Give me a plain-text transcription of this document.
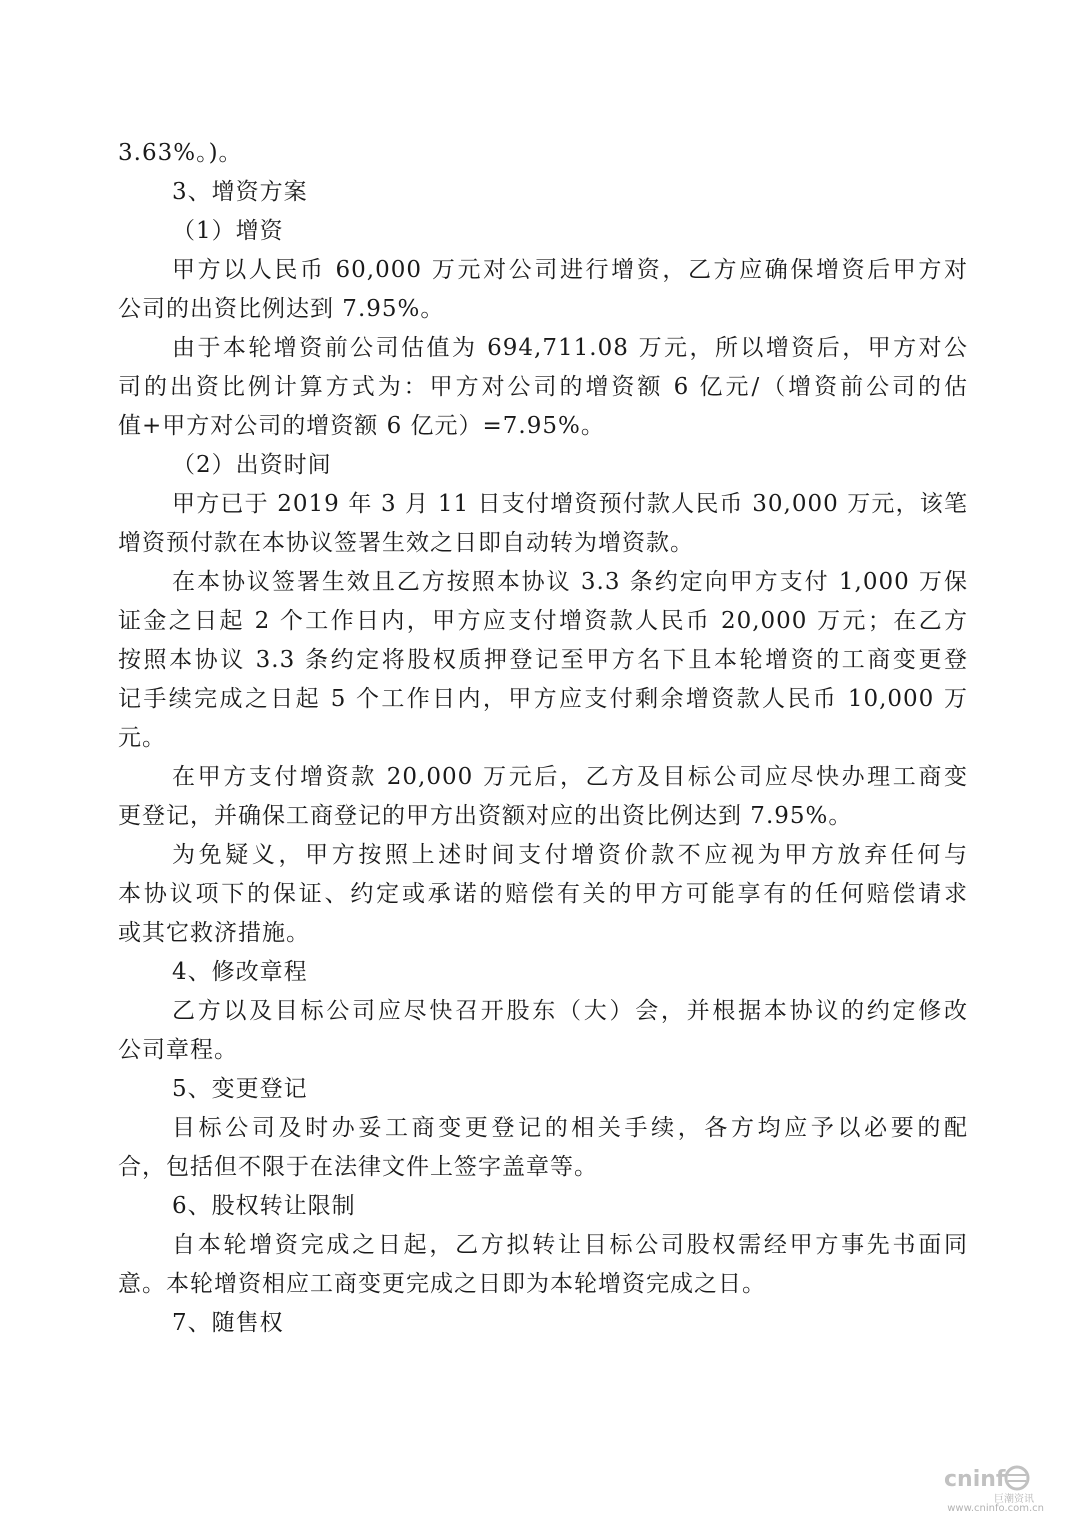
3.63%。)。
3、增资方案
（1）增资
甲方以人民币 60,000 万元对公司进行增资，乙方应确保增资后甲方对
公司的出资比例达到 7.95%。
由于本轮增资前公司估值为 694,711.08 万元，所以增资后，甲方对公
司的出资比例计算方式为：甲方对公司的增资额 6 亿元/（增资前公司的估
值+甲方对公司的增资额 6 亿元）=7.95%。
（2）出资时间
甲方已于 2019 年 3 月 11 日支付增资预付款人民币 30,000 万元，该笔
增资预付款在本协议签署生效之日即自动转为增资款。
在本协议签署生效且乙方按照本协议 3.3 条约定向甲方支付 1,000 万保
证金之日起 2 个工作日内，甲方应支付增资款人民币 20,000 万元；在乙方
按照本协议 3.3 条约定将股权质押登记至甲方名下且本轮增资的工商变更登
记手续完成之日起 5 个工作日内，甲方应支付剩余增资款人民币 10,000 万
元。
在甲方支付增资款 20,000 万元后，乙方及目标公司应尽快办理工商变
更登记，并确保工商登记的甲方出资额对应的出资比例达到 7.95%。
为免疑义，甲方按照上述时间支付增资价款不应视为甲方放弃任何与
本协议项下的保证、约定或承诺的赔偿有关的甲方可能享有的任何赔偿请求
或其它救济措施。
4、修改章程
乙方以及目标公司应尽快召开股东（大）会，并根据本协议的约定修改
公司章程。
5、变更登记
目标公司及时办妥工商变更登记的相关手续，各方均应予以必要的配
合，包括但不限于在法律文件上签字盖章等。
6、股权转让限制
自本轮增资完成之日起，乙方拟转让目标公司股权需经甲方事先书面同
意。本轮增资相应工商变更完成之日即为本轮增资完成之日。
7、随售权
cninf
巨潮资讯
www.cninfo.com.cn
